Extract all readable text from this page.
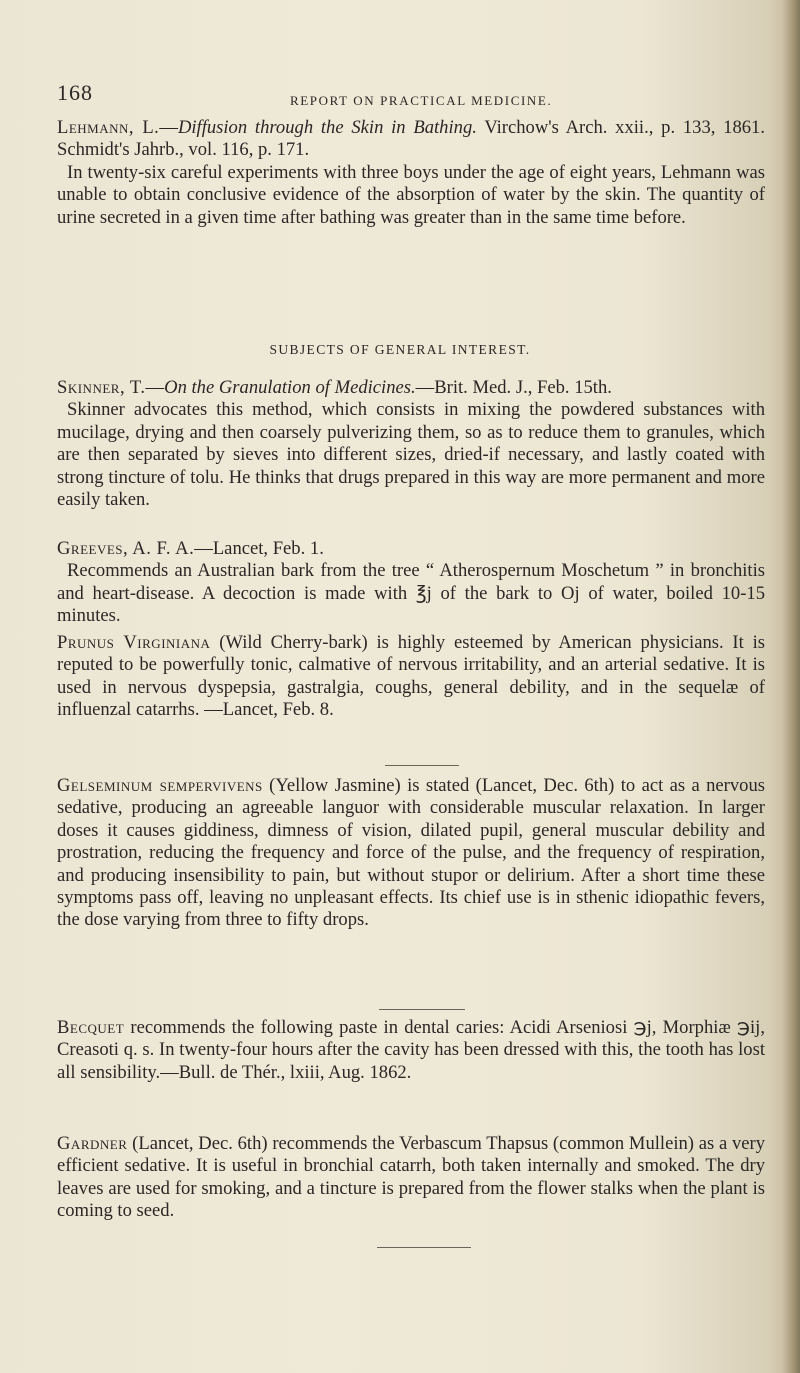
168	REPORT ON PRACTICAL MEDICINE.

Lehmann, L.—Diffusion through the Skin in Bathing. Virchow's Arch. xxii., p. 133, 1861. Schmidt's Jahrb., vol. 116, p. 171.

In twenty-six careful experiments with three boys under the age of eight years, Lehmann was unable to obtain conclusive evidence of the absorption of water by the skin. The quantity of urine secreted in a given time after bathing was greater than in the same time before.

SUBJECTS OF GENERAL INTEREST.

Skinner, T.—On the Granulation of Medicines.—Brit. Med. J., Feb. 15th.

Skinner advocates this method, which consists in mixing the powdered substances with mucilage, drying and then coarsely pulverizing them, so as to reduce them to granules, which are then separated by sieves into different sizes, dried-if necessary, and lastly coated with strong tincture of tolu. He thinks that drugs prepared in this way are more permanent and more easily taken.

Greeves, A. F. A.—Lancet, Feb. 1.

Recommends an Australian bark from the tree “ Atherospernum Moschetum ” in bronchitis and heart-disease. A decoction is made with ℥j of the bark to Oj of water, boiled 10-15 minutes.

Prunus Virginiana (Wild Cherry-bark) is highly esteemed by American physicians. It is reputed to be powerfully tonic, calmative of nervous irritability, and an arterial sedative. It is used in nervous dyspepsia, gastralgia, coughs, general debility, and in the sequelæ of influenzal catarrhs. —Lancet, Feb. 8.

Gelseminum sempervivens (Yellow Jasmine) is stated (Lancet, Dec. 6th) to act as a nervous sedative, producing an agreeable languor with considerable muscular relaxation. In larger doses it causes giddiness, dimness of vision, dilated pupil, general muscular debility and prostration, reducing the frequency and force of the pulse, and the frequency of respiration, and producing insensibility to pain, but without stupor or delirium. After a short time these symptoms pass off, leaving no unpleasant effects. Its chief use is in sthenic idiopathic fevers, the dose varying from three to fifty drops.

Becquet recommends the following paste in dental caries: Acidi Arseniosi ℈j, Morphiæ ℈ij, Creasoti q. s. In twenty-four hours after the cavity has been dressed with this, the tooth has lost all sensibility.—Bull. de Thér., lxiii, Aug. 1862.

Gardner (Lancet, Dec. 6th) recommends the Verbascum Thapsus (common Mullein) as a very efficient sedative. It is useful in bronchial catarrh, both taken internally and smoked. The dry leaves are used for smoking, and a tincture is prepared from the flower stalks when the plant is coming to seed.
